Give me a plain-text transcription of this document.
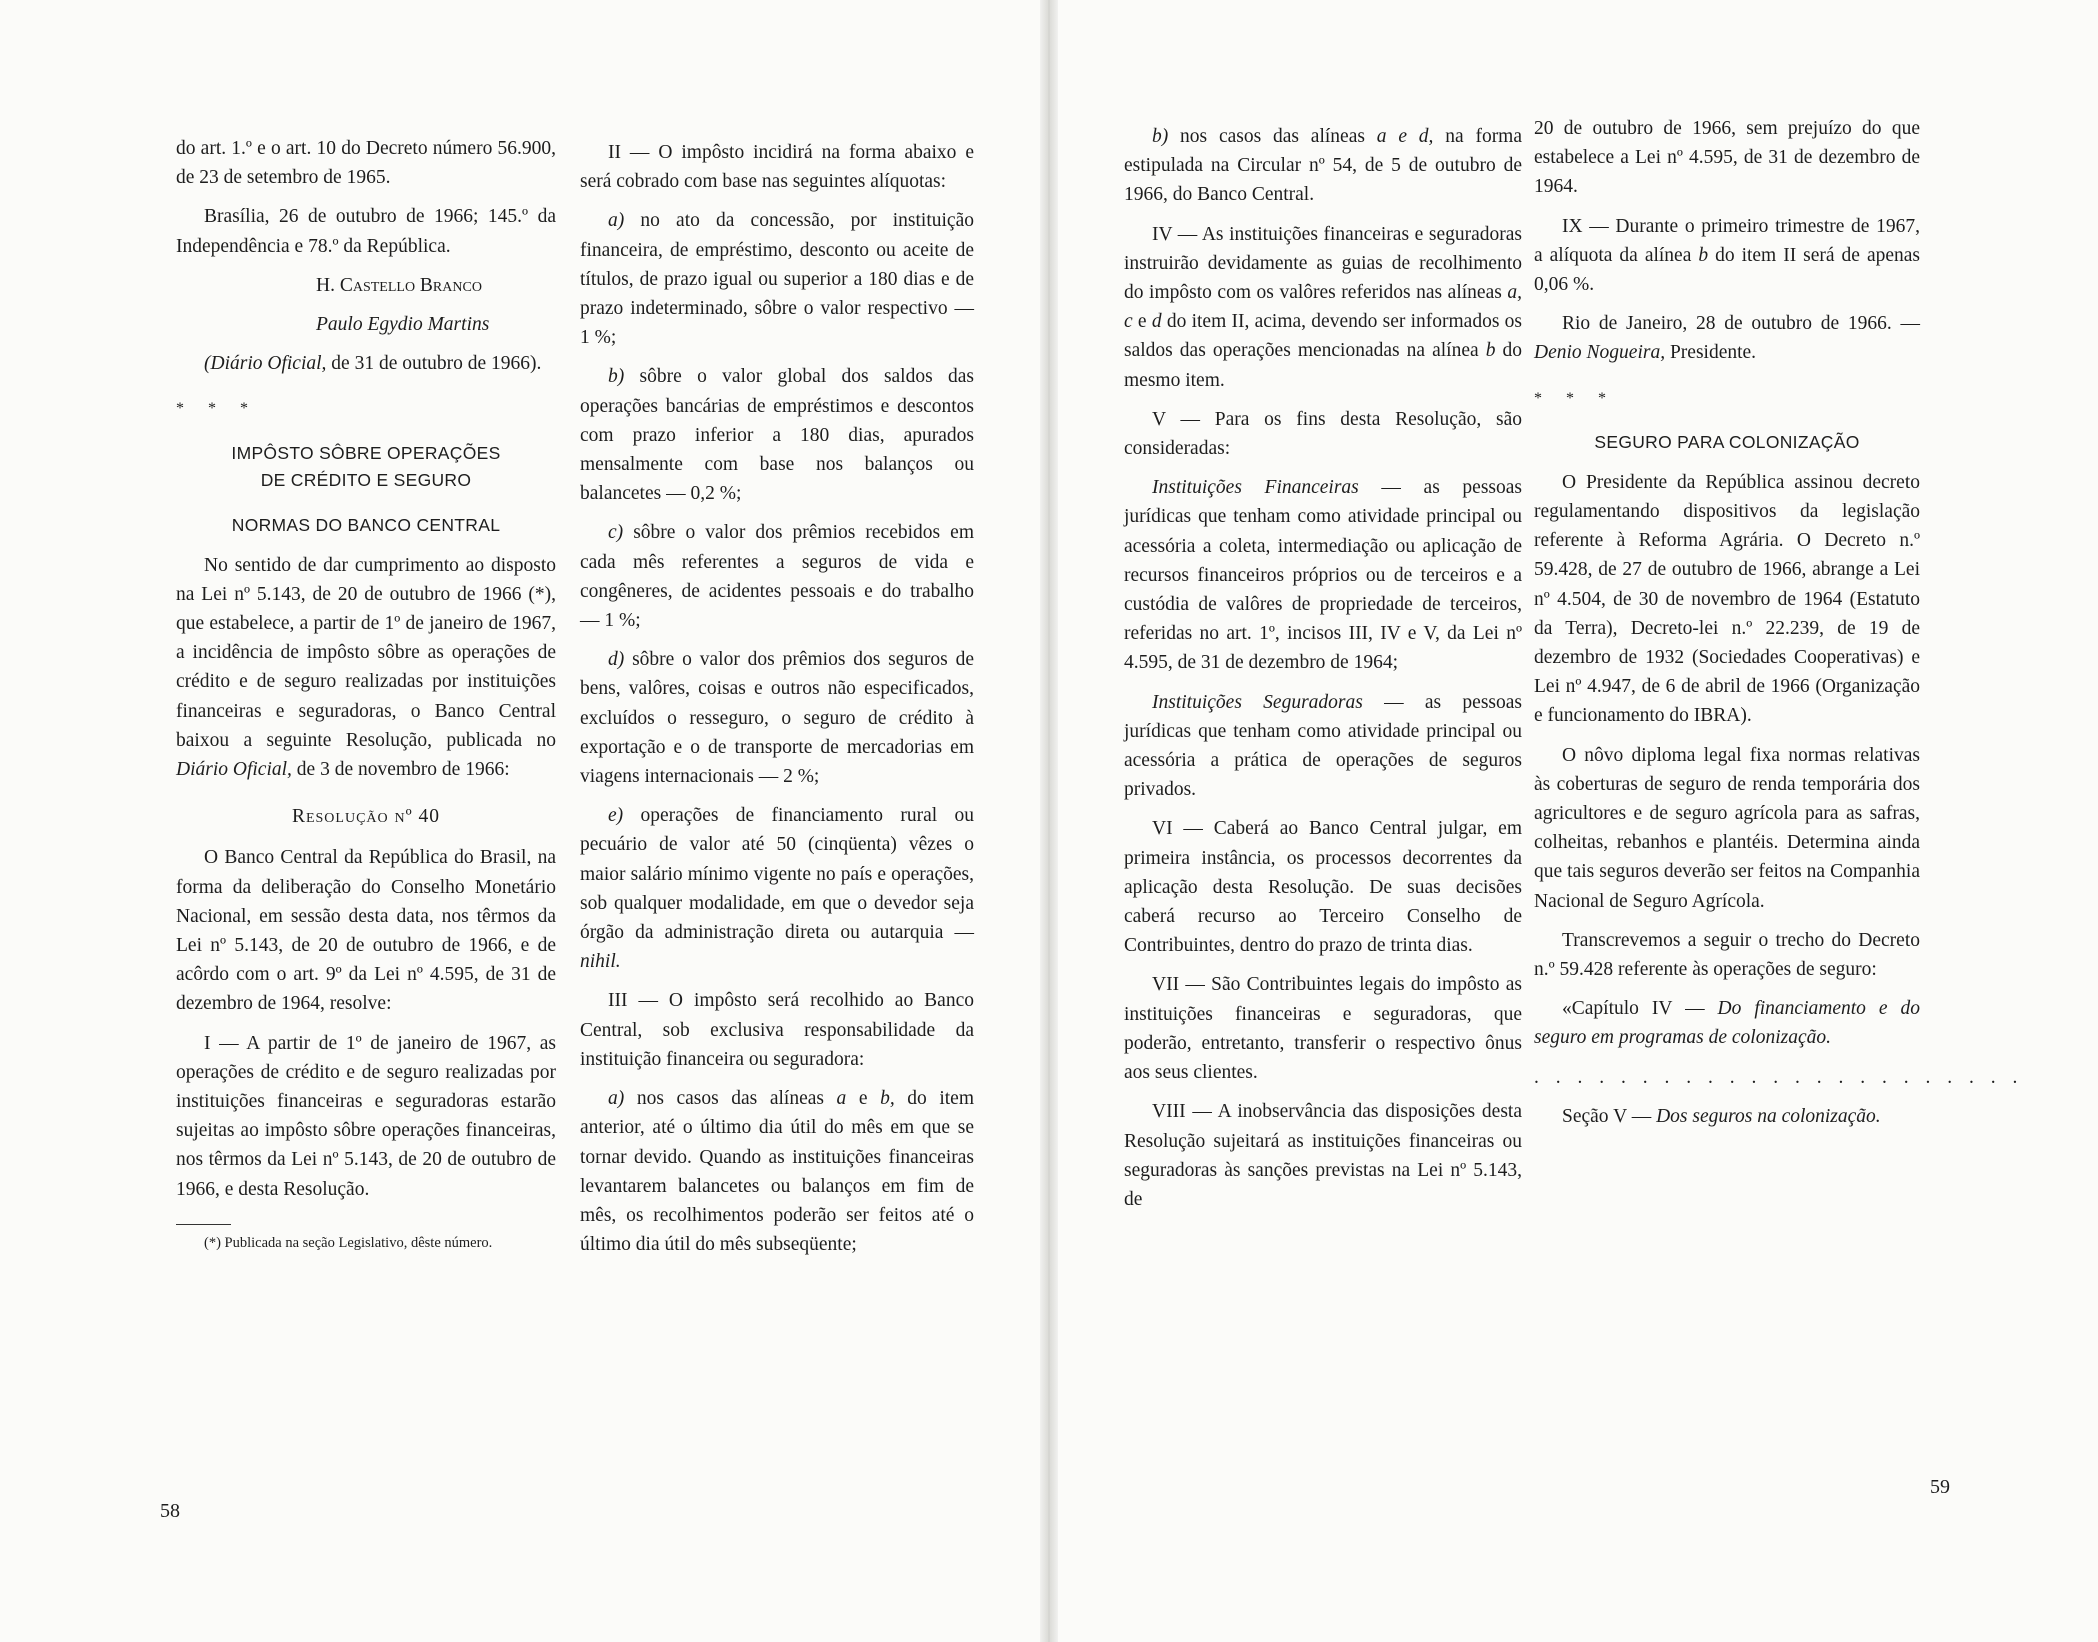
do art. 1.º e o art. 10 do Decreto número 56.900, de 23 de setembro de 1965.

Brasília, 26 de outubro de 1966; 145.º da Independência e 78.º da República.

H. Castello Branco

Paulo Egydio Martins

(Diário Oficial, de 31 de outubro de 1966).

* * *

IMPÔSTO SÔBRE OPERAÇÕES
DE CRÉDITO E SEGURO

NORMAS DO BANCO CENTRAL

No sentido de dar cumprimento ao disposto na Lei nº 5.143, de 20 de outubro de 1966 (*), que estabelece, a partir de 1º de janeiro de 1967, a incidência de impôsto sôbre as operações de crédito e de seguro realizadas por instituições financeiras e seguradoras, o Banco Central baixou a seguinte Resolução, publicada no Diário Oficial, de 3 de novembro de 1966:

Resolução nº 40

O Banco Central da República do Brasil, na forma da deliberação do Conselho Monetário Nacional, em sessão desta data, nos têrmos da Lei nº 5.143, de 20 de outubro de 1966, e de acôrdo com o art. 9º da Lei nº 4.595, de 31 de dezembro de 1964, resolve:

I — A partir de 1º de janeiro de 1967, as operações de crédito e de seguro realizadas por instituições financeiras e seguradoras estarão sujeitas ao impôsto sôbre operações financeiras, nos têrmos da Lei nº 5.143, de 20 de outubro de 1966, e desta Resolução.

(*) Publicada na seção Legislativo, dêste número.

58

II — O impôsto incidirá na forma abaixo e será cobrado com base nas seguintes alíquotas:

a) no ato da concessão, por instituição financeira, de empréstimo, desconto ou aceite de títulos, de prazo igual ou superior a 180 dias e de prazo indeterminado, sôbre o valor respectivo — 1 %;

b) sôbre o valor global dos saldos das operações bancárias de empréstimos e descontos com prazo inferior a 180 dias, apurados mensalmente com base nos balanços ou balancetes — 0,2 %;

c) sôbre o valor dos prêmios recebidos em cada mês referentes a seguros de vida e congêneres, de acidentes pessoais e do trabalho — 1 %;

d) sôbre o valor dos prêmios dos seguros de bens, valôres, coisas e outros não especificados, excluídos o resseguro, o seguro de crédito à exportação e o de transporte de mercadorias em viagens internacionais — 2 %;

e) operações de financiamento rural ou pecuário de valor até 50 (cinqüenta) vêzes o maior salário mínimo vigente no país e operações, sob qualquer modalidade, em que o devedor seja órgão da administração direta ou autarquia — nihil.

III — O impôsto será recolhido ao Banco Central, sob exclusiva responsabilidade da instituição financeira ou seguradora:

a) nos casos das alíneas a e b, do item anterior, até o último dia útil do mês em que se tornar devido. Quando as instituições financeiras levantarem balancetes ou balanços em fim de mês, os recolhimentos poderão ser feitos até o último dia útil do mês subseqüente;

b) nos casos das alíneas a e d, na forma estipulada na Circular nº 54, de 5 de outubro de 1966, do Banco Central.

IV — As instituições financeiras e seguradoras instruirão devidamente as guias de recolhimento do impôsto com os valôres referidos nas alíneas a, c e d do item II, acima, devendo ser informados os saldos das operações mencionadas na alínea b do mesmo item.

V — Para os fins desta Resolução, são consideradas:

Instituições Financeiras — as pessoas jurídicas que tenham como atividade principal ou acessória a coleta, intermediação ou aplicação de recursos financeiros próprios ou de terceiros e a custódia de valôres de propriedade de terceiros, referidas no art. 1º, incisos III, IV e V, da Lei nº 4.595, de 31 de dezembro de 1964;

Instituições Seguradoras — as pessoas jurídicas que tenham como atividade principal ou acessória a prática de operações de seguros privados.

VI — Caberá ao Banco Central julgar, em primeira instância, os processos decorrentes da aplicação desta Resolução. De suas decisões caberá recurso ao Terceiro Conselho de Contribuintes, dentro do prazo de trinta dias.

VII — São Contribuintes legais do impôsto as instituições financeiras e seguradoras, que poderão, entretanto, transferir o respectivo ônus aos seus clientes.

VIII — A inobservância das disposições desta Resolução sujeitará as instituições financeiras ou seguradoras às sanções previstas na Lei nº 5.143, de

20 de outubro de 1966, sem prejuízo do que estabelece a Lei nº 4.595, de 31 de dezembro de 1964.

IX — Durante o primeiro trimestre de 1967, a alíquota da alínea b do item II será de apenas 0,06 %.

Rio de Janeiro, 28 de outubro de 1966. — Denio Nogueira, Presidente.

* * *

SEGURO PARA COLONIZAÇÃO

O Presidente da República assinou decreto regulamentando dispositivos da legislação referente à Reforma Agrária. O Decreto n.º 59.428, de 27 de outubro de 1966, abrange a Lei nº 4.504, de 30 de novembro de 1964 (Estatuto da Terra), Decreto-lei n.º 22.239, de 19 de dezembro de 1932 (Sociedades Cooperativas) e Lei nº 4.947, de 6 de abril de 1966 (Organização e funcionamento do IBRA).

O nôvo diploma legal fixa normas relativas às coberturas de seguro de renda temporária dos agricultores e de seguro agrícola para as safras, colheitas, rebanhos e plantéis. Determina ainda que tais seguros deverão ser feitos na Companhia Nacional de Seguro Agrícola.

Transcrevemos a seguir o trecho do Decreto n.º 59.428 referente às operações de seguro:

«Capítulo IV — Do financiamento e do seguro em programas de colonização.

. . . . . . . . . . . . . . . . . . . . . . .

Seção V — Dos seguros na colonização.

59
